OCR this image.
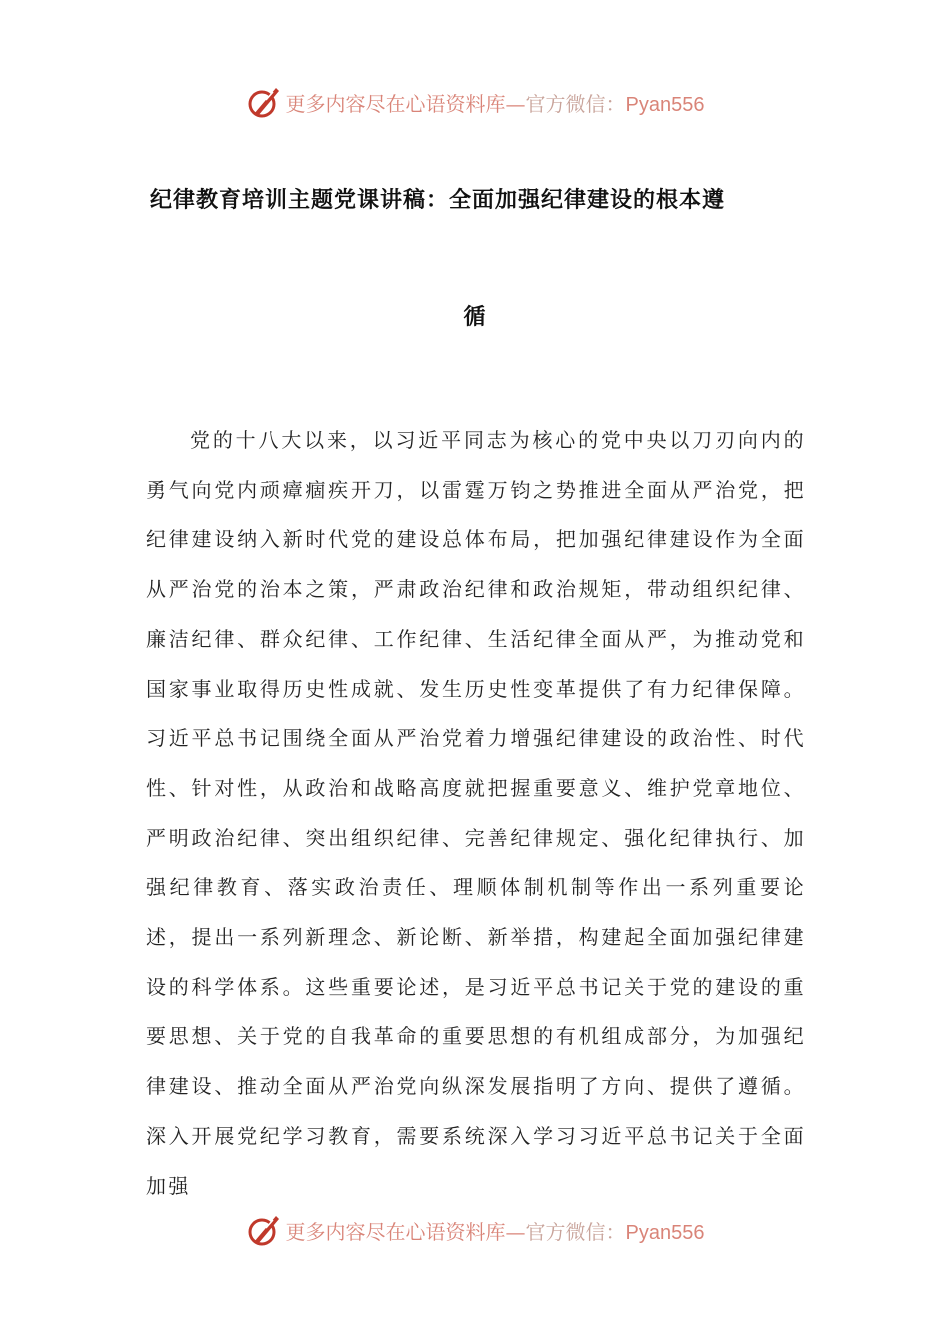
更多内容尽在心语资料库—官方微信：Pyan556
纪律教育培训主题党课讲稿：全面加强纪律建设的根本遵
循

党的十八大以来，以习近平同志为核心的党中央以刀刃向内的勇气向党内顽瘴痼疾开刀，以雷霆万钧之势推进全面从严治党，把纪律建设纳入新时代党的建设总体布局，把加强纪律建设作为全面从严治党的治本之策，严肃政治纪律和政治规矩，带动组织纪律、廉洁纪律、群众纪律、工作纪律、生活纪律全面从严，为推动党和国家事业取得历史性成就、发生历史性变革提供了有力纪律保障。习近平总书记围绕全面从严治党着力增强纪律建设的政治性、时代性、针对性，从政治和战略高度就把握重要意义、维护党章地位、严明政治纪律、突出组织纪律、完善纪律规定、强化纪律执行、加强纪律教育、落实政治责任、理顺体制机制等作出一系列重要论述，提出一系列新理念、新论断、新举措，构建起全面加强纪律建设的科学体系。这些重要论述，是习近平总书记关于党的建设的重要思想、关于党的自我革命的重要思想的有机组成部分，为加强纪律建设、推动全面从严治党向纵深发展指明了方向、提供了遵循。深入开展党纪学习教育，需要系统深入学习习近平总书记关于全面加强

更多内容尽在心语资料库—官方微信：Pyan556
